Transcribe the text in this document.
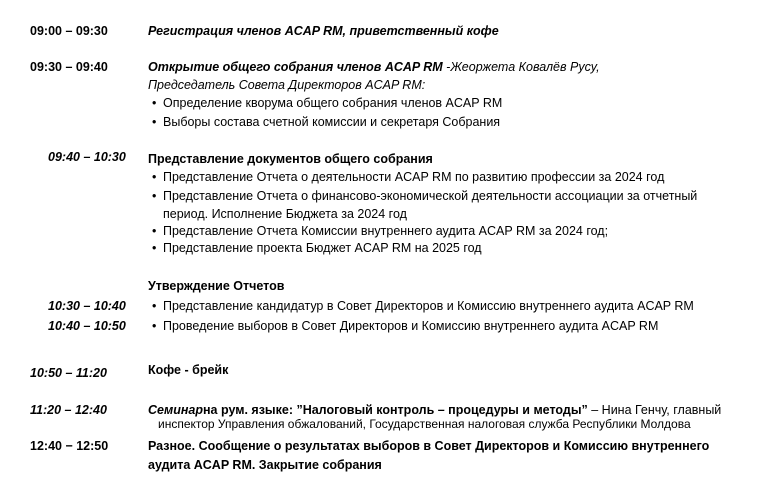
09:00 – 09:30	Регистрация членов ACAP RM, приветственный кофе
09:30 – 09:40	Открытие общего собрания членов ACAP RM -Жеоржета Ковалёв Русу,
Председатель Совета Директоров ACAP RM:
• Определение кворума общего собрания членов ACAP RM
• Выборы состава счетной комиссии и секретаря Собрания
09:40 – 10:30 Представление документов общего собрания
• Представление Отчета о деятельности ACAP RM по развитию профессии за 2024 год
• Представление Отчета о финансово-экономической деятельности ассоциации за отчетный
период. Исполнение Бюджета за 2024 год
• Представление Отчета Комиссии внутреннего аудита ACAP RM за 2024 год;
• Представление проекта Бюджет ACAP RM на 2025 год
Утверждение Отчетов
10:30 – 10:40	• Представление кандидатур в Совет Директоров и Комиссию внутреннего аудита ACAP RM
10:40 – 10:50	• Проведение выборов в Совет Директоров и Комиссию внутреннего аудита ACAP RM
10:50 – 11:20	Кофе - брейк
11:20 – 12:40	Семинарна рум. языке: ”Налоговый контроль – процедуры и методы” – Нина Генчу, главный
инспектор Управления обжалований, Государственная налоговая служба Республики Молдова
12:40 − 12:50	Разное. Сообщение о результатах выборов в Совет Директоров и Комиссию внутреннего
аудита ACAP RM. Закрытие собрания
